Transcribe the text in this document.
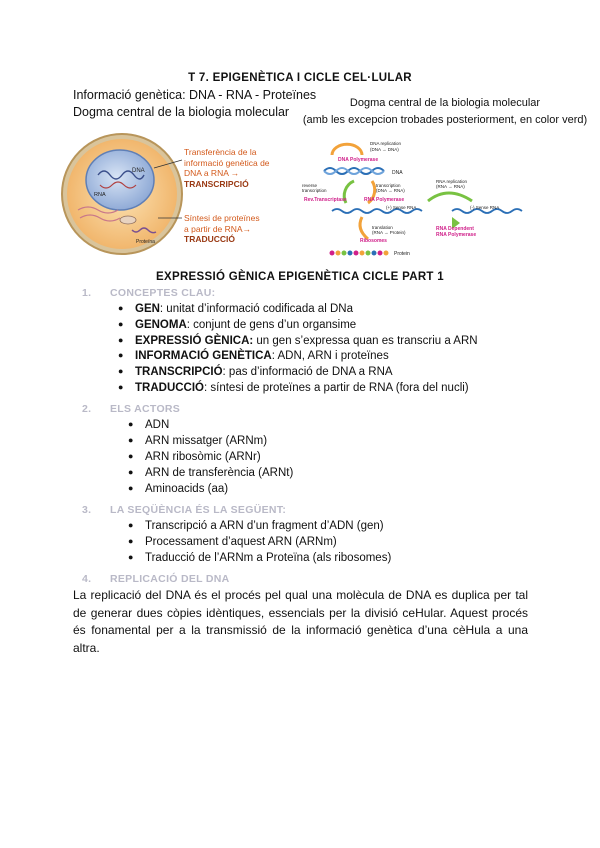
T 7. EPIGENÈTICA I CICLE CEL·LULAR
Informació genètica: DNA - RNA - Proteïnes
Dogma central de la biologia molecular
Dogma central de la biologia molecular
(amb les excepcion trobades posteriorment, en color verd)
DNA
RNA
Proteïna
Transferència de la
informació genètica de
DNA a RNA →
TRANSCRIPCIÓ
Síntesi de proteïnes
a partir de RNA→
TRADUCCIÓ
DNA replication
(DNA → DNA)
DNA Polymerase
DNA
reverse
transcription
Rev.Transcriptase
transcription
(DNA → RNA)
RNA Polymerase
RNA replication
(RNA → RNA)
(+) Sense RNA	(-) Sense RNA
RNA Dependent
RNA Polymerase
translation
(RNA → Protein)
Ribosomes
Protein
EXPRESSIÓ GÈNICA EPIGENÈTICA CICLE PART 1
1. CONCEPTES CLAU:
● GEN: unitat d’informació codificada al DNa
● GENOMA: conjunt de gens d’un organsime
● EXPRESSIÓ GÈNICA: un gen s’expressa quan es transcriu a ARN
● INFORMACIÓ GENÈTICA: ADN, ARN i proteïnes
● TRANSCRIPCIÓ: pas d’informació de DNA a RNA
● TRADUCCIÓ: síntesi de proteïnes a partir de RNA (fora del nucli)
2. ELS ACTORS
● ADN
● ARN missatger (ARNm)
● ARN ribosòmic (ARNr)
● ARN de transferència (ARNt)
● Aminoacids (aa)
3. LA SEQÜÈNCIA ÉS LA SEGÜENT:
● Transcripció a ARN d’un fragment d’ADN (gen)
● Processament d’aquest ARN (ARNm)
● Traducció de l’ARNm a Proteïna (als ribosomes)
4. REPLICACIÓ DEL DNA
La replicació del DNA és el procés pel qual una molècula de DNA es duplica per tal de generar dues còpies idèntiques, essencials per la divisió ceHular. Aquest procés és fonamental per a la transmissió de la informació genètica d’una cèHula a una altra.
